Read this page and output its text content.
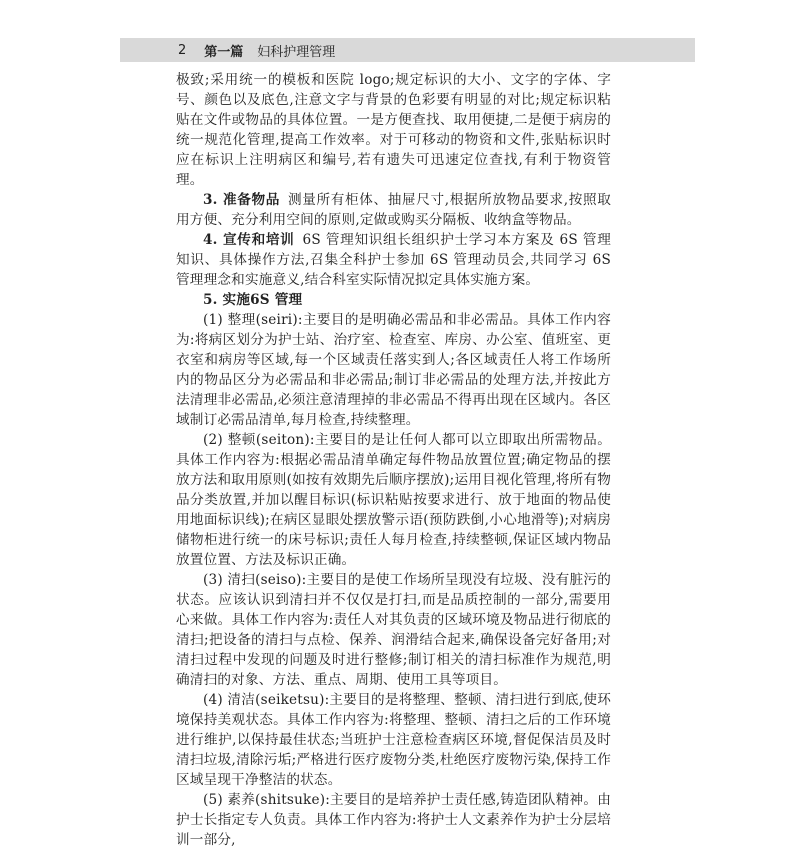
2 第一篇 妇科护理管理

极致;采用统一的模板和医院 logo;规定标识的大小、文字的字体、字号、颜色以及底色,注意文字与背景的色彩要有明显的对比;规定标识粘贴在文件或物品的具体位置。一是方便查找、取用便捷,二是便于病房的统一规范化管理,提高工作效率。对于可移动的物资和文件,张贴标识时应在标识上注明病区和编号,若有遗失可迅速定位查找,有利于物资管理。

3. 准备物品 测量所有柜体、抽屉尺寸,根据所放物品要求,按照取用方便、充分利用空间的原则,定做或购买分隔板、收纳盒等物品。

4. 宣传和培训 6S 管理知识组长组织护士学习本方案及 6S 管理知识、具体操作方法,召集全科护士参加 6S 管理动员会,共同学习 6S 管理理念和实施意义,结合科室实际情况拟定具体实施方案。

5. 实施6S 管理

(1) 整理(seiri):主要目的是明确必需品和非必需品。具体工作内容为:将病区划分为护士站、治疗室、检查室、库房、办公室、值班室、更衣室和病房等区域,每一个区域责任落实到人;各区域责任人将工作场所内的物品区分为必需品和非必需品;制订非必需品的处理方法,并按此方法清理非必需品,必须注意清理掉的非必需品不得再出现在区域内。各区域制订必需品清单,每月检查,持续整理。

(2) 整顿(seiton):主要目的是让任何人都可以立即取出所需物品。具体工作内容为:根据必需品清单确定每件物品放置位置;确定物品的摆放方法和取用原则(如按有效期先后顺序摆放);运用目视化管理,将所有物品分类放置,并加以醒目标识(标识粘贴按要求进行、放于地面的物品使用地面标识线);在病区显眼处摆放警示语(预防跌倒,小心地滑等);对病房储物柜进行统一的床号标识;责任人每月检查,持续整顿,保证区域内物品放置位置、方法及标识正确。

(3) 清扫(seiso):主要目的是使工作场所呈现没有垃圾、没有脏污的状态。应该认识到清扫并不仅仅是打扫,而是品质控制的一部分,需要用心来做。具体工作内容为:责任人对其负责的区域环境及物品进行彻底的清扫;把设备的清扫与点检、保养、润滑结合起来,确保设备完好备用;对清扫过程中发现的问题及时进行整修;制订相关的清扫标准作为规范,明确清扫的对象、方法、重点、周期、使用工具等项目。

(4) 清洁(seiketsu):主要目的是将整理、整顿、清扫进行到底,使环境保持美观状态。具体工作内容为:将整理、整顿、清扫之后的工作环境进行维护,以保持最佳状态;当班护士注意检查病区环境,督促保洁员及时清扫垃圾,清除污垢;严格进行医疗废物分类,杜绝医疗废物污染,保持工作区域呈现干净整洁的状态。

(5) 素养(shitsuke):主要目的是培养护士责任感,铸造团队精神。由护士长指定专人负责。具体工作内容为:将护士人文素养作为护士分层培训一部分,
